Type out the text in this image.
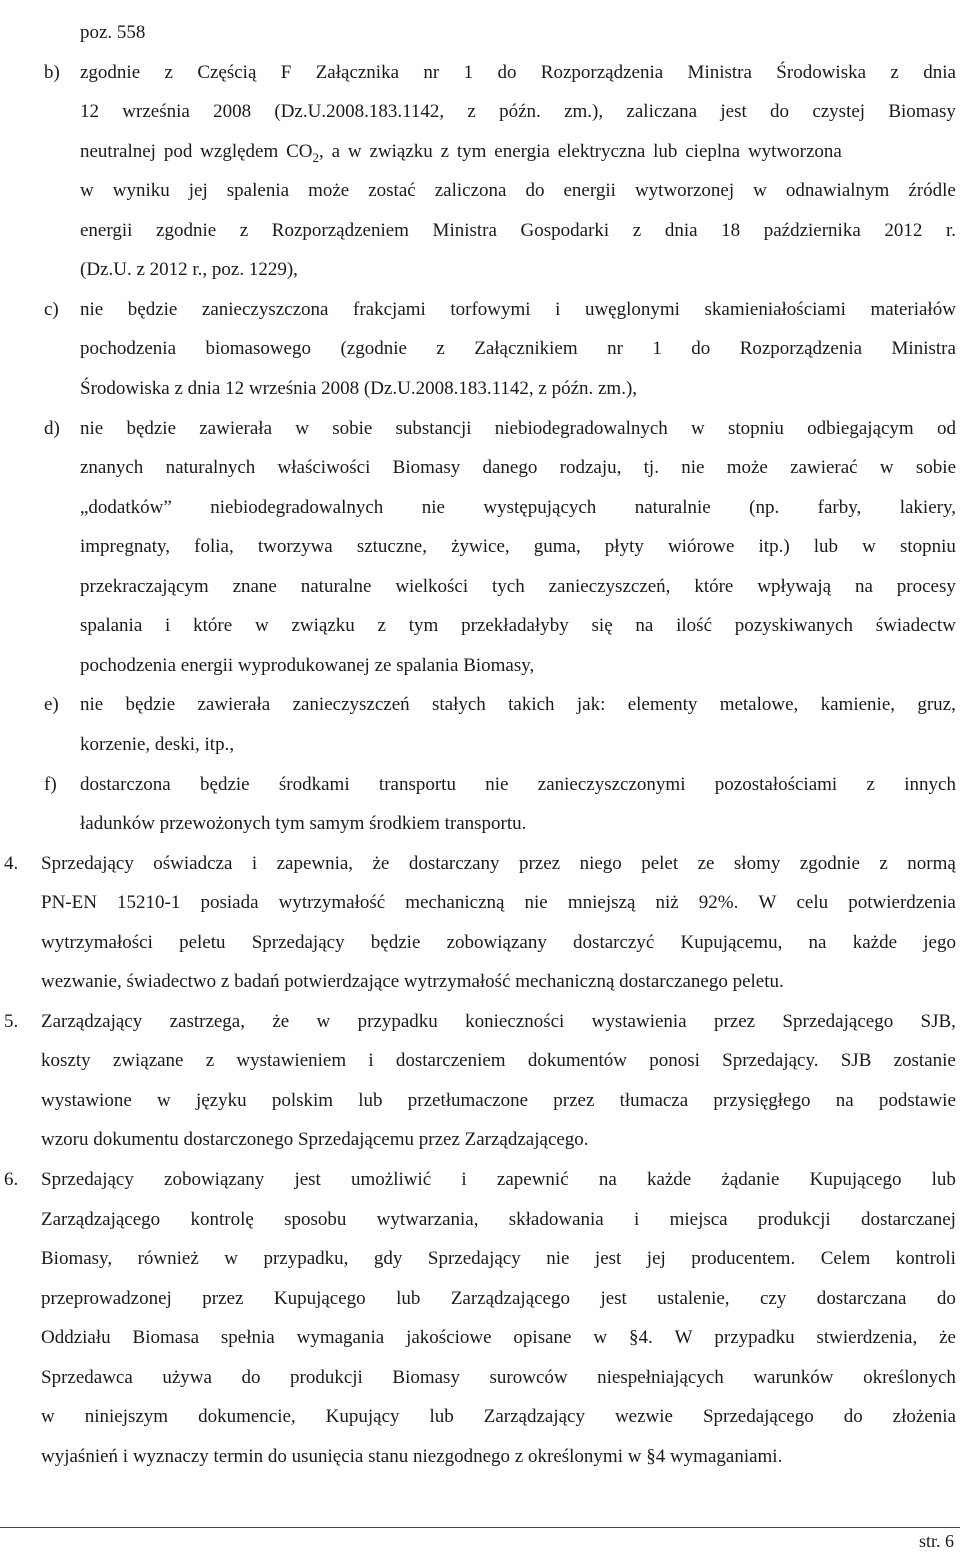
poz. 558
b) zgodnie z Częścią F Załącznika nr 1 do Rozporządzenia Ministra Środowiska z dnia
12 września 2008 (Dz.U.2008.183.1142, z późn. zm.), zaliczana jest do czystej Biomasy
neutralnej pod względem $CO_2$, a w związku z tym energia elektryczna lub cieplna wytworzona
w wyniku jej spalenia może zostać zaliczona do energii wytworzonej w odnawialnym źródle
energii zgodnie z Rozporządzeniem Ministra Gospodarki z dnia 18 października 2012 r.
(Dz.U. z 2012 r., poz. 1229),
c) nie będzie zanieczyszczona frakcjami torfowymi i uwęglonymi skamieniałościami materiałów
pochodzenia biomasowego (zgodnie z Załącznikiem nr 1 do Rozporządzenia Ministra
Środowiska z dnia 12 września 2008 (Dz.U.2008.183.1142, z późn. zm.),
d) nie będzie zawierała w sobie substancji niebiodegradowalnych w stopniu odbiegającym od
znanych naturalnych właściwości Biomasy danego rodzaju, tj. nie może zawierać w sobie
„dodatków” niebiodegradowalnych nie występujących naturalnie (np. farby, lakiery,
impregnaty, folia, tworzywa sztuczne, żywice, guma, płyty wiórowe itp.) lub w stopniu
przekraczającym znane naturalne wielkości tych zanieczyszczeń, które wpływają na procesy
spalania i które w związku z tym przekładałyby się na ilość pozyskiwanych świadectw
pochodzenia energii wyprodukowanej ze spalania Biomasy,
e) nie będzie zawierała zanieczyszczeń stałych takich jak: elementy metalowe, kamienie, gruz,
korzenie, deski, itp.,
f) dostarczona będzie środkami transportu nie zanieczyszczonymi pozostałościami z innych
ładunków przewożonych tym samym środkiem transportu.
4. Sprzedający oświadcza i zapewnia, że dostarczany przez niego pelet ze słomy zgodnie z normą
PN-EN 15210-1 posiada wytrzymałość mechaniczną nie mniejszą niż 92%. W celu potwierdzenia
wytrzymałości peletu Sprzedający będzie zobowiązany dostarczyć Kupującemu, na każde jego
wezwanie, świadectwo z badań potwierdzające wytrzymałość mechaniczną dostarczanego peletu.
5. Zarządzający zastrzega, że w przypadku konieczności wystawienia przez Sprzedającego SJB,
koszty związane z wystawieniem i dostarczeniem dokumentów ponosi Sprzedający. SJB zostanie
wystawione w języku polskim lub przetłumaczone przez tłumacza przysięgłego na podstawie
wzoru dokumentu dostarczonego Sprzedającemu przez Zarządzającego.
6. Sprzedający zobowiązany jest umożliwić i zapewnić na każde żądanie Kupującego lub
Zarządzającego kontrolę sposobu wytwarzania, składowania i miejsca produkcji dostarczanej
Biomasy, również w przypadku, gdy Sprzedający nie jest jej producentem. Celem kontroli
przeprowadzonej przez Kupującego lub Zarządzającego jest ustalenie, czy dostarczana do
Oddziału Biomasa spełnia wymagania jakościowe opisane w §4. W przypadku stwierdzenia, że
Sprzedawca używa do produkcji Biomasy surowców niespełniających warunków określonych
w niniejszym dokumencie, Kupujący lub Zarządzający wezwie Sprzedającego do złożenia
wyjaśnień i wyznaczy termin do usunięcia stanu niezgodnego z określonymi w §4 wymaganiami.
str. 6
